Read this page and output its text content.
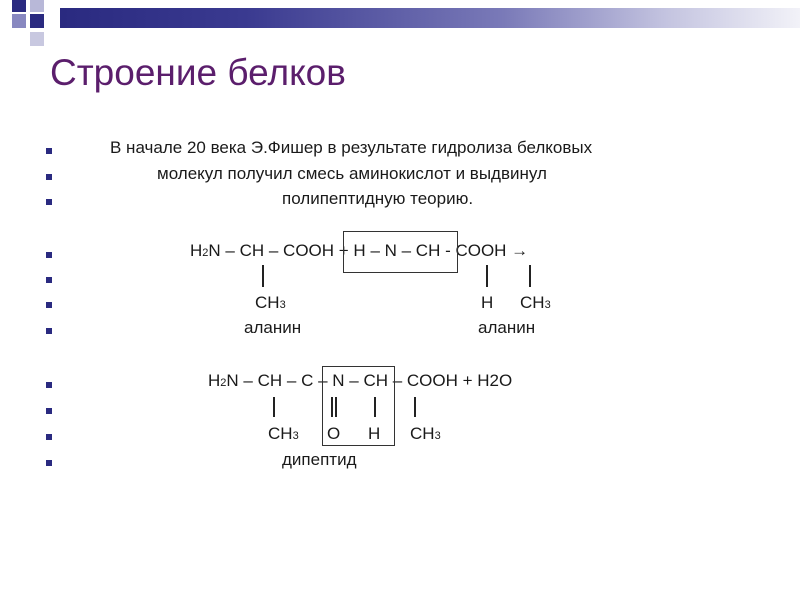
Строение белков
В начале 20 века Э.Фишер в результате гидролиза белковых
молекул получил смесь аминокислот и выдвинул
полипептидную теорию.
H2N – CH – COOH + H – N – CH - COOH →
CH3	H CH3
аланин	аланин
H2N – CH – C – N – CH – COOH + H2O
CH3 O H CH3
дипептид
